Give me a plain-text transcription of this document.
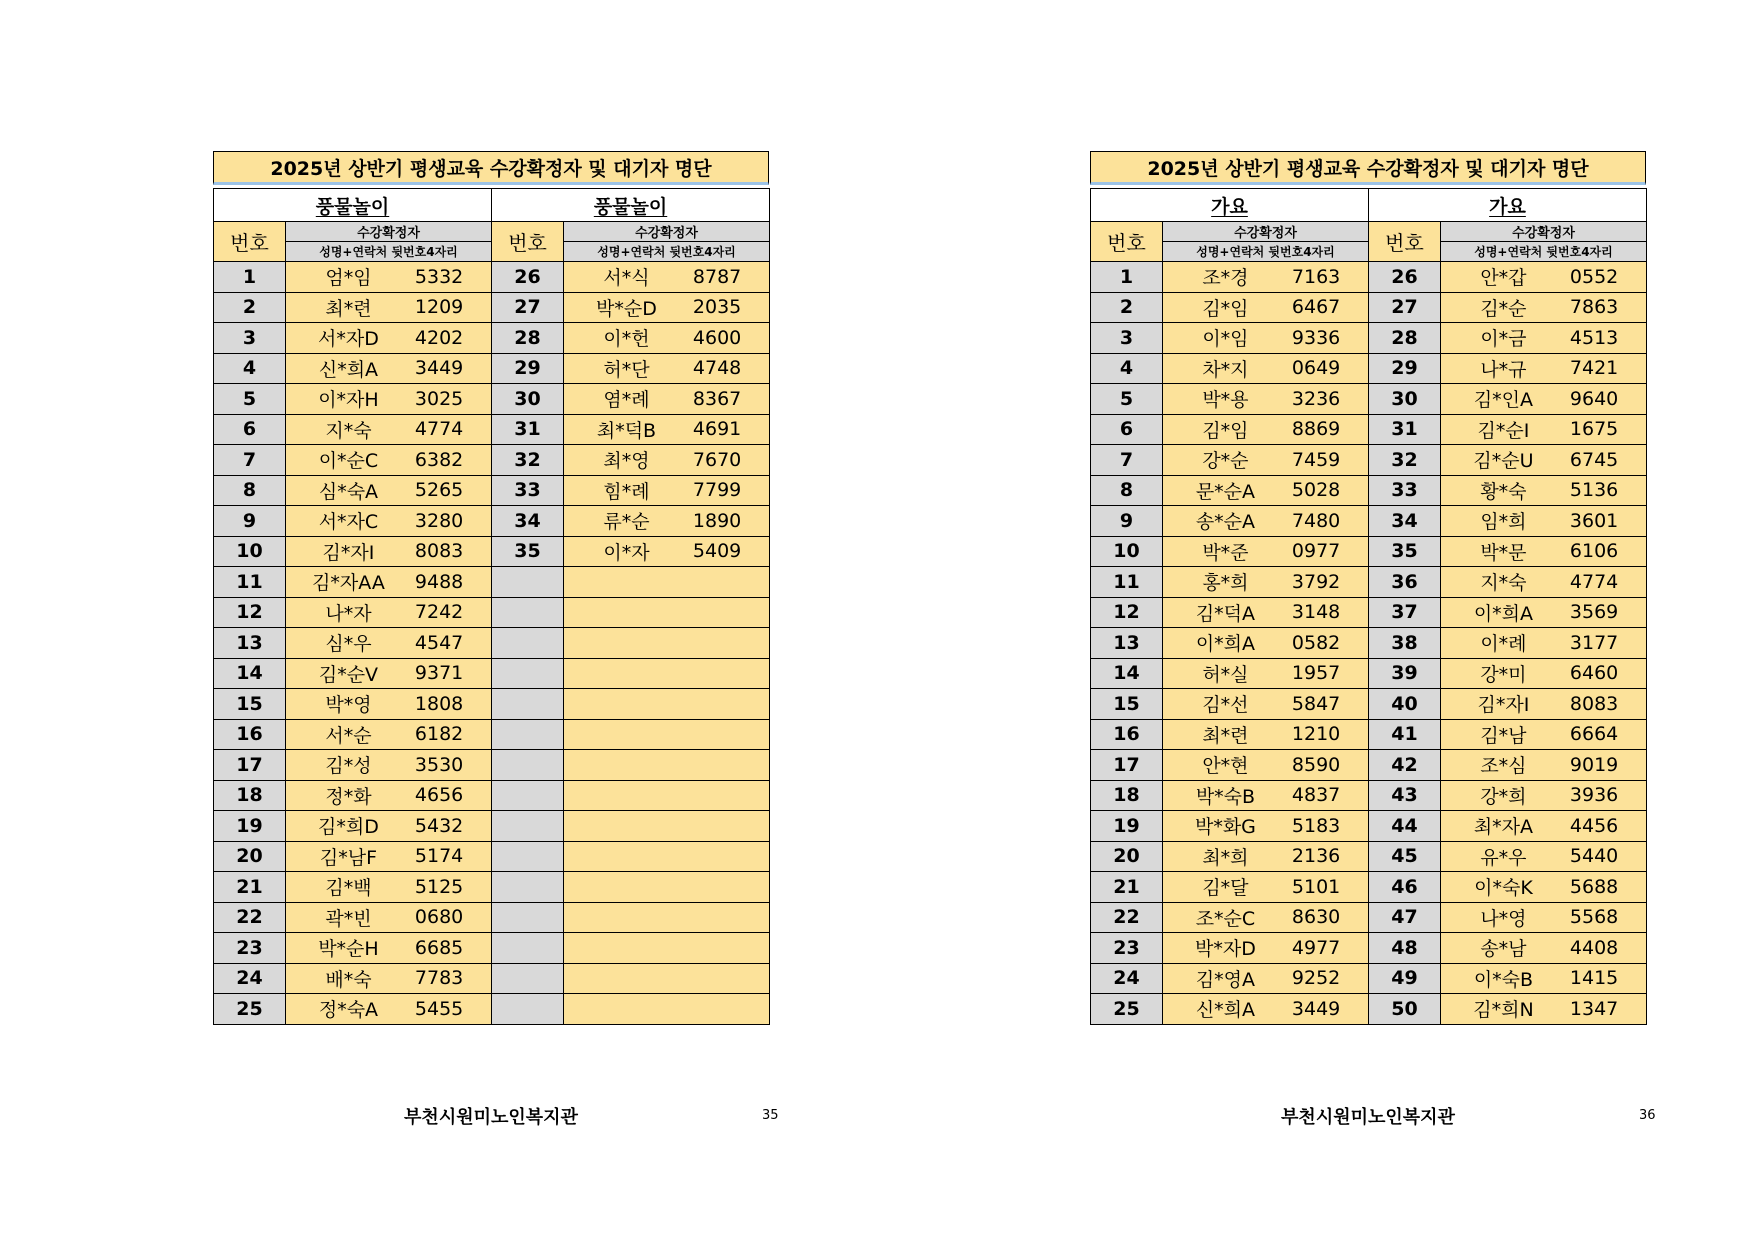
2025년 상반기 평생교육 수강확정자 및 대기자 명단
풍물놀이		풍물놀이	
번호	수강확정자	번호	수강확정자
	성명+연락처 뒷번호4자리		성명+연락처 뒷번호4자리
1	엄*임 5332	26	서*식 8787

2	최*련 1209	27	박*순D 2035

3	서*자D 4202	28	이*헌 4600

4	신*희A 3449	29	허*단 4748

5	이*자H 3025	30	염*례 8367

6	지*숙 4774	31	최*덕B 4691

7	이*순C 6382	32	최*영 7670

8	심*숙A 5265	33	힘*례 7799

9	서*자C 3280	34	류*순 1890

10	김*자I 8083	35	이*자 5409

11	김*자AA 9488		

12	나*자 7242		

13	심*우 4547		

14	김*순V 9371		

15	박*영 1808		

16	서*순 6182		

17	김*성 3530		

18	정*화 4656		

19	김*희D 5432		

20	김*남F 5174		

21	김*백 5125		

22	곽*빈 0680		

23	박*순H 6685		

24	배*숙 7783		

25	정*숙A 5455		

부천시원미노인복지관	35
2025년 상반기 평생교육 수강확정자 및 대기자 명단
가요		가요	
번호	수강확정자	번호	수강확정자
	성명+연락처 뒷번호4자리		성명+연락처 뒷번호4자리
1	조*경 7163	26	안*갑 0552

2	김*임 6467	27	김*순 7863

3	이*임 9336	28	이*금 4513

4	차*지 0649	29	나*규 7421

5	박*용 3236	30	김*인A 9640

6	김*임 8869	31	김*순I 1675

7	강*순 7459	32	김*순U 6745

8	문*순A 5028	33	황*숙 5136

9	송*순A 7480	34	임*희 3601

10	박*준 0977	35	박*문 6106

11	홍*희 3792	36	지*숙 4774

12	김*덕A 3148	37	이*희A 3569

13	이*희A 0582	38	이*례 3177

14	허*실 1957	39	강*미 6460

15	김*선 5847	40	김*자I 8083

16	최*련 1210	41	김*남 6664

17	안*현 8590	42	조*심 9019

18	박*숙B 4837	43	강*희 3936

19	박*화G 5183	44	최*자A 4456

20	최*희 2136	45	유*우 5440

21	김*달 5101	46	이*숙K 5688

22	조*순C 8630	47	나*영 5568

23	박*자D 4977	48	송*남 4408

24	김*영A 9252	49	이*숙B 1415

25	신*희A 3449	50	김*희N 1347
부천시원미노인복지관	36
